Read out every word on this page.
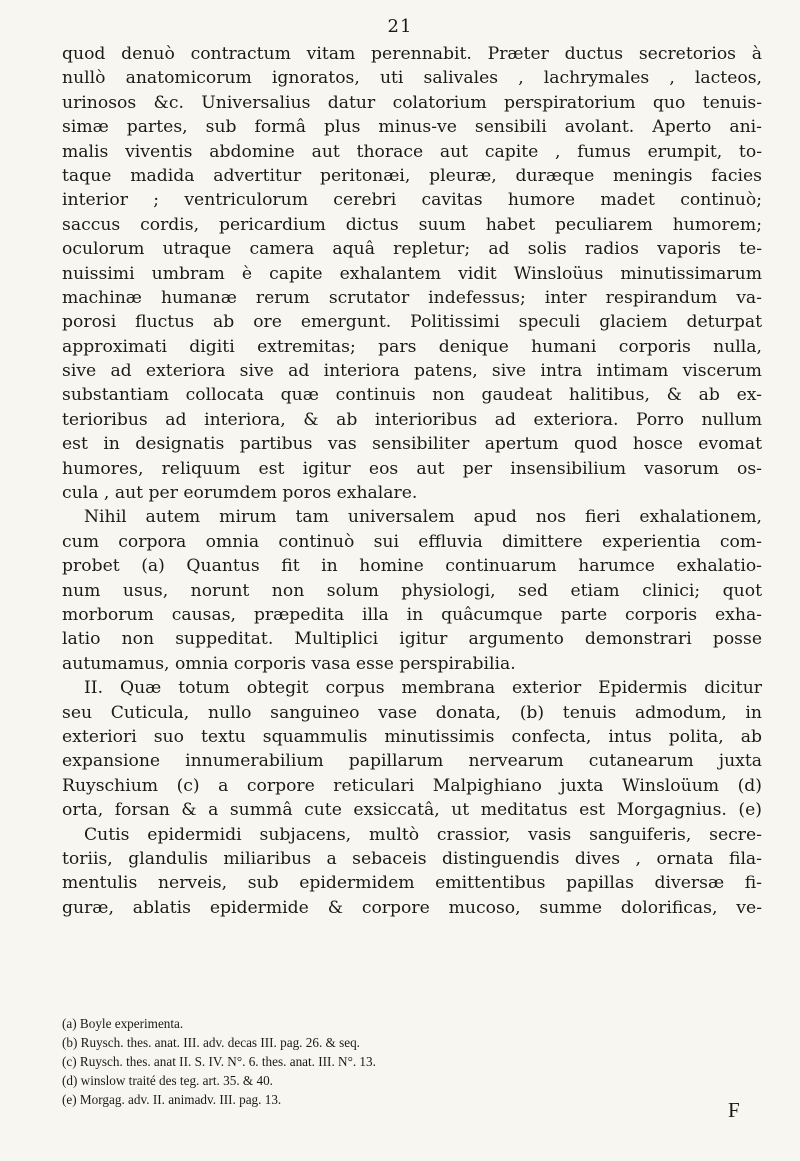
21
quod denuò contractum vitam perennabit. Præter ductus secretorios à
nullò anatomicorum ignoratos, uti salivales , lachrymales , lacteos,
urinosos &c. Universalius datur colatorium perspiratorium quo tenuis-
simæ partes, sub formâ plus minus-ve sensibili avolant. Aperto ani-
malis viventis abdomine aut thorace aut capite , fumus erumpit, to-
taque madida advertitur peritonæi, pleuræ, duræque meningis facies
interior ; ventriculorum cerebri cavitas humore madet continuò;
saccus cordis, pericardium dictus suum habet peculiarem humorem;
oculorum utraque camera aquâ repletur; ad solis radios vaporis te-
nuissimi umbram è capite exhalantem vidit Winsloüus minutissimarum
machinæ humanæ rerum scrutator indefessus; inter respirandum va-
porosi fluctus ab ore emergunt. Politissimi speculi glaciem deturpat
approximati digiti extremitas; pars denique humani corporis nulla,
sive ad exteriora sive ad interiora patens, sive intra intimam viscerum
substantiam collocata quæ continuis non gaudeat halitibus, & ab ex-
terioribus ad interiora, & ab interioribus ad exteriora. Porro nullum
est in designatis partibus vas sensibiliter apertum quod hosce evomat
humores, reliquum est igitur eos aut per insensibilium vasorum os-
cula , aut per eorumdem poros exhalare.
Nihil autem mirum tam universalem apud nos fieri exhalationem,
cum corpora omnia continuò sui effluvia dimittere experientia com-
probet (a) Quantus fit in homine continuarum harumce exhalatio-
num usus, norunt non solum physiologi, sed etiam clinici; quot
morborum causas, præpedita illa in quâcumque parte corporis exha-
latio non suppeditat. Multiplici igitur argumento demonstrari posse
autumamus, omnia corporis vasa esse perspirabilia.
II. Quæ totum obtegit corpus membrana exterior Epidermis dicitur
seu Cuticula, nullo sanguineo vase donata, (b) tenuis admodum, in
exteriori suo textu squammulis minutissimis confecta, intus polita, ab
expansione innumerabilium papillarum nervearum cutanearum juxta
Ruyschium (c) a corpore reticulari Malpighiano juxta Winsloüum (d)
orta, forsan & a summâ cute exsiccatâ, ut meditatus est Morgagnius. (e)
Cutis epidermidi subjacens, multò crassior, vasis sanguiferis, secre-
toriis, glandulis miliaribus a sebaceis distinguendis dives , ornata fila-
mentulis nerveis, sub epidermidem emittentibus papillas diversæ fi-
guræ, ablatis epidermide & corpore mucoso, summe dolorificas, ve-
(a) Boyle experimenta.
(b) Ruysch. thes. anat. III. adv. decas III. pag. 26. & seq.
(c) Ruysch. thes. anat II. S. IV. N°. 6. thes. anat. III. N°. 13.
(d) winslow traité des teg. art. 35. & 40.
(e) Morgag. adv. II. animadv. III. pag. 13.	F
